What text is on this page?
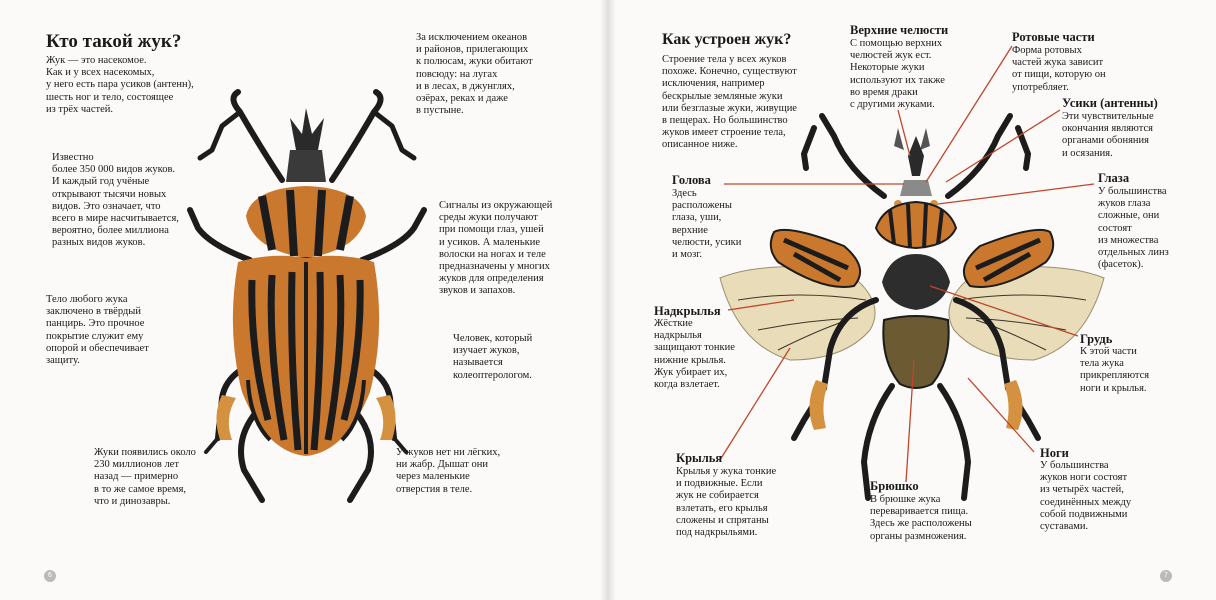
Кто такой жук?
Жук — это насекомое.
Как и у всех насекомых,
у него есть пара усиков (антенн),
шесть ног и тело, состоящее
из трёх частей.
Известно
более 350 000 видов жуков.
И каждый год учёные
открывают тысячи новых
видов. Это означает, что
всего в мире насчитывается,
вероятно, более миллиона
разных видов жуков.
Тело любого жука
заключено в твёрдый
панцирь. Это прочное
покрытие служит ему
опорой и обеспечивает
защиту.
Жуки появились около
230 миллионов лет
назад — примерно
в то же самое время,
что и динозавры.
За исключением океанов
и районов, прилегающих
к полюсам, жуки обитают
повсюду: на лугах
и в лесах, в джунглях,
озёрах, реках и даже
в пустыне.
Сигналы из окружающей
среды жуки получают
при помощи глаз, ушей
и усиков. А маленькие
волоски на ногах и теле
предназначены у многих
жуков для определения
звуков и запахов.
Человек, который
изучает жуков,
называется
колеоптерологом.
У жуков нет ни лёгких,
ни жабр. Дышат они
через маленькие
отверстия в теле.
6
Как устроен жук?
Строение тела у всех жуков
похоже. Конечно, существуют
исключения, например
бескрылые земляные жуки
или безглазые жуки, живущие
в пещерах. Но большинство
жуков имеет строение тела,
описанное ниже.
Голова
Здесь
расположены
глаза, уши,
верхние
челюсти, усики
и мозг.
Надкрылья
Жёсткие
надкрылья
защищают тонкие
нижние крылья.
Жук убирает их,
когда взлетает.
Крылья
Крылья у жука тонкие
и подвижные. Если
жук не собирается
взлетать, его крылья
сложены и спрятаны
под надкрыльями.
Верхние челюсти
С помощью верхних
челюстей жук ест.
Некоторые жуки
используют их также
во время драки
с другими жуками.
Ротовые части
Форма ротовых
частей жука зависит
от пищи, которую он
употребляет.
Усики (антенны)
Эти чувствительные
окончания являются
органами обоняния
и осязания.
Глаза
У большинства
жуков глаза
сложные, они
состоят
из множества
отдельных линз
(фасеток).
Грудь
К этой части
тела жука
прикрепляются
ноги и крылья.
Ноги
У большинства
жуков ноги состоят
из четырёх частей,
соединённых между
собой подвижными
суставами.
Брюшко
В брюшке жука
переваривается пища.
Здесь же расположены
органы размножения.
7
